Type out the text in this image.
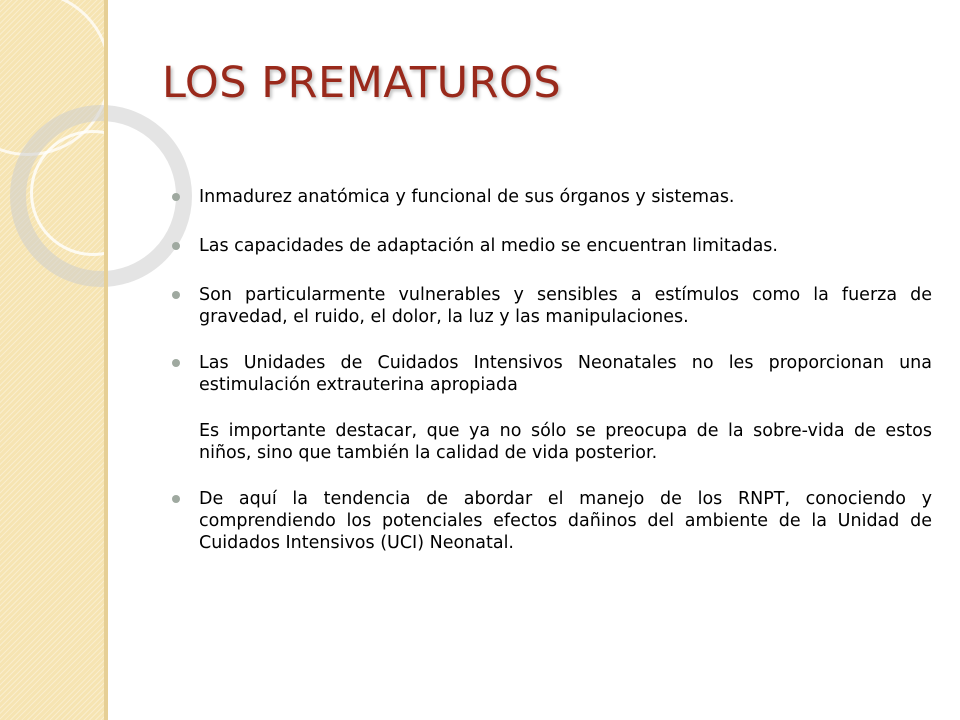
LOS PREMATUROS
Inmadurez anatómica y funcional de sus órganos y sistemas.
Las capacidades de adaptación al medio se encuentran limitadas.
Son particularmente vulnerables y sensibles a estímulos como la fuerza de gravedad, el ruido, el dolor, la luz y las manipulaciones.
Las Unidades de Cuidados Intensivos Neonatales no les proporcionan una estimulación extrauterina apropiada
Es importante destacar, que ya no sólo se preocupa de la sobre-vida de estos niños, sino que también la calidad de vida posterior.
De aquí la tendencia de abordar el manejo de los RNPT, conociendo y comprendiendo los potenciales efectos dañinos del ambiente de la Unidad de Cuidados Intensivos (UCI) Neonatal.
